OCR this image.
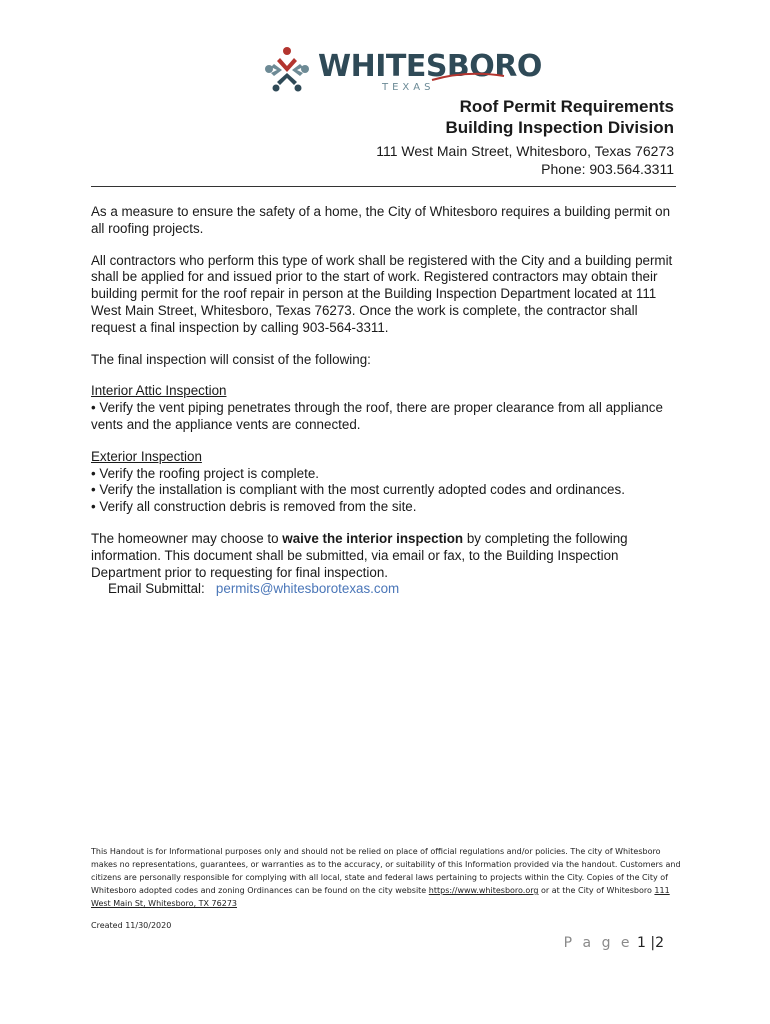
WHITESBORO
TEXAS
Roof Permit Requirements
Building Inspection Division
111 West Main Street, Whitesboro, Texas 76273
Phone: 903.564.3311

As a measure to ensure the safety of a home, the City of Whitesboro requires a building permit on all roofing projects.

All contractors who perform this type of work shall be registered with the City and a building permit shall be applied for and issued prior to the start of work. Registered contractors may obtain their building permit for the roof repair in person at the Building Inspection Department located at 111 West Main Street, Whitesboro, Texas 76273. Once the work is complete, the contractor shall request a final inspection by calling 903-564-3311.

The final inspection will consist of the following:

Interior Attic Inspection
• Verify the vent piping penetrates through the roof, there are proper clearance from all appliance vents and the appliance vents are connected.
Exterior Inspection
• Verify the roofing project is complete.
• Verify the installation is compliant with the most currently adopted codes and ordinances.
• Verify all construction debris is removed from the site.
The homeowner may choose to waive the interior inspection by completing the following information. This document shall be submitted, via email or fax, to the Building Inspection Department prior to requesting for final inspection.
Email Submittal: permits@whitesborotexas.com
This Handout is for Informational purposes only and should not be relied on place of official regulations and/or policies. The city of Whitesboro makes no representations, guarantees, or warranties as to the accuracy, or suitability of this Information provided via the handout. Customers and citizens are personally responsible for complying with all local, state and federal laws pertaining to projects within the City. Copies of the City of Whitesboro adopted codes and zoning Ordinances can be found on the city website https://www.whitesboro.org or at the City of Whitesboro 111 West Main St, Whitesboro, TX 76273
Created 11/30/2020
P a g e 1 |2
